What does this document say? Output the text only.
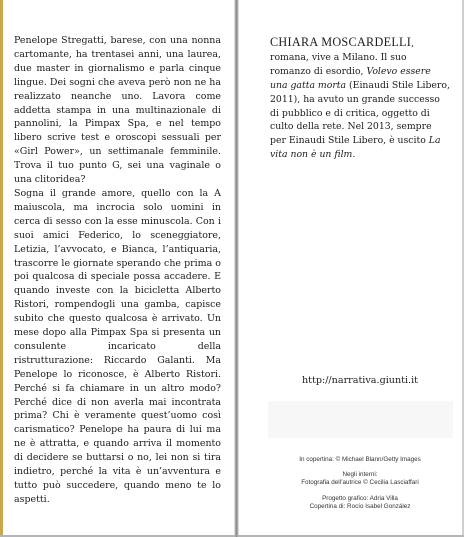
Penelope Stregatti, barese, con una nonna cartomante, ha trentasei anni, una laurea, due master in giornalismo e parla cinque lingue. Dei sogni che aveva però non ne ha realizzato neanche uno. Lavora come addetta stampa in una multinazionale di pannolini, la Pimpax Spa, e nel tempo libero scrive test e oroscopi sessuali per «Girl Power», un settimanale femminile. Trova il tuo punto G, sei una vaginale o una clitoridea?

Sogna il grande amore, quello con la A maiuscola, ma incrocia solo uomini in cerca di sesso con la esse minuscola. Con i suoi amici Federico, lo sceneggiatore, Letizia, l’avvocato, e Bianca, l’antiquaria, trascorre le giornate sperando che prima o poi qualcosa di speciale possa accadere. E quando investe con la bicicletta Alberto Ristori, rompendogli una gamba, capisce subito che questo qualcosa è arrivato. Un mese dopo alla Pimpax Spa si presenta un consulente incaricato della ristrutturazione: Riccardo Galanti. Ma Penelope lo riconosce, è Alberto Ristori. Perché si fa chiamare in un altro modo? Perché dice di non averla mai incontrata prima? Chi è veramente quest’uomo così carismatico? Penelope ha paura di lui ma ne è attratta, e quando arriva il momento di decidere se buttarsi o no, lei non si tira indietro, perché la vita è un’avventura e tutto può succedere, quando meno te lo aspetti.

CHIARA MOSCARDELLI, romana, vive a Milano. Il suo romanzo di esordio, Volevo essere una gatta morta (Einaudi Stile Libero, 2011), ha avuto un grande successo di pubblico e di critica, oggetto di culto della rete. Nel 2013, sempre per Einaudi Stile Libero, è uscito La vita non è un film.
http://narrativa.giunti.it
In copertina: © Michael Blann/Getty Images
Negli interni:
Fotografia dell’autrice © Cecilia Lasciaffari
Progetto grafico: Adria Villa
Copertina di: Rocío Isabel González
